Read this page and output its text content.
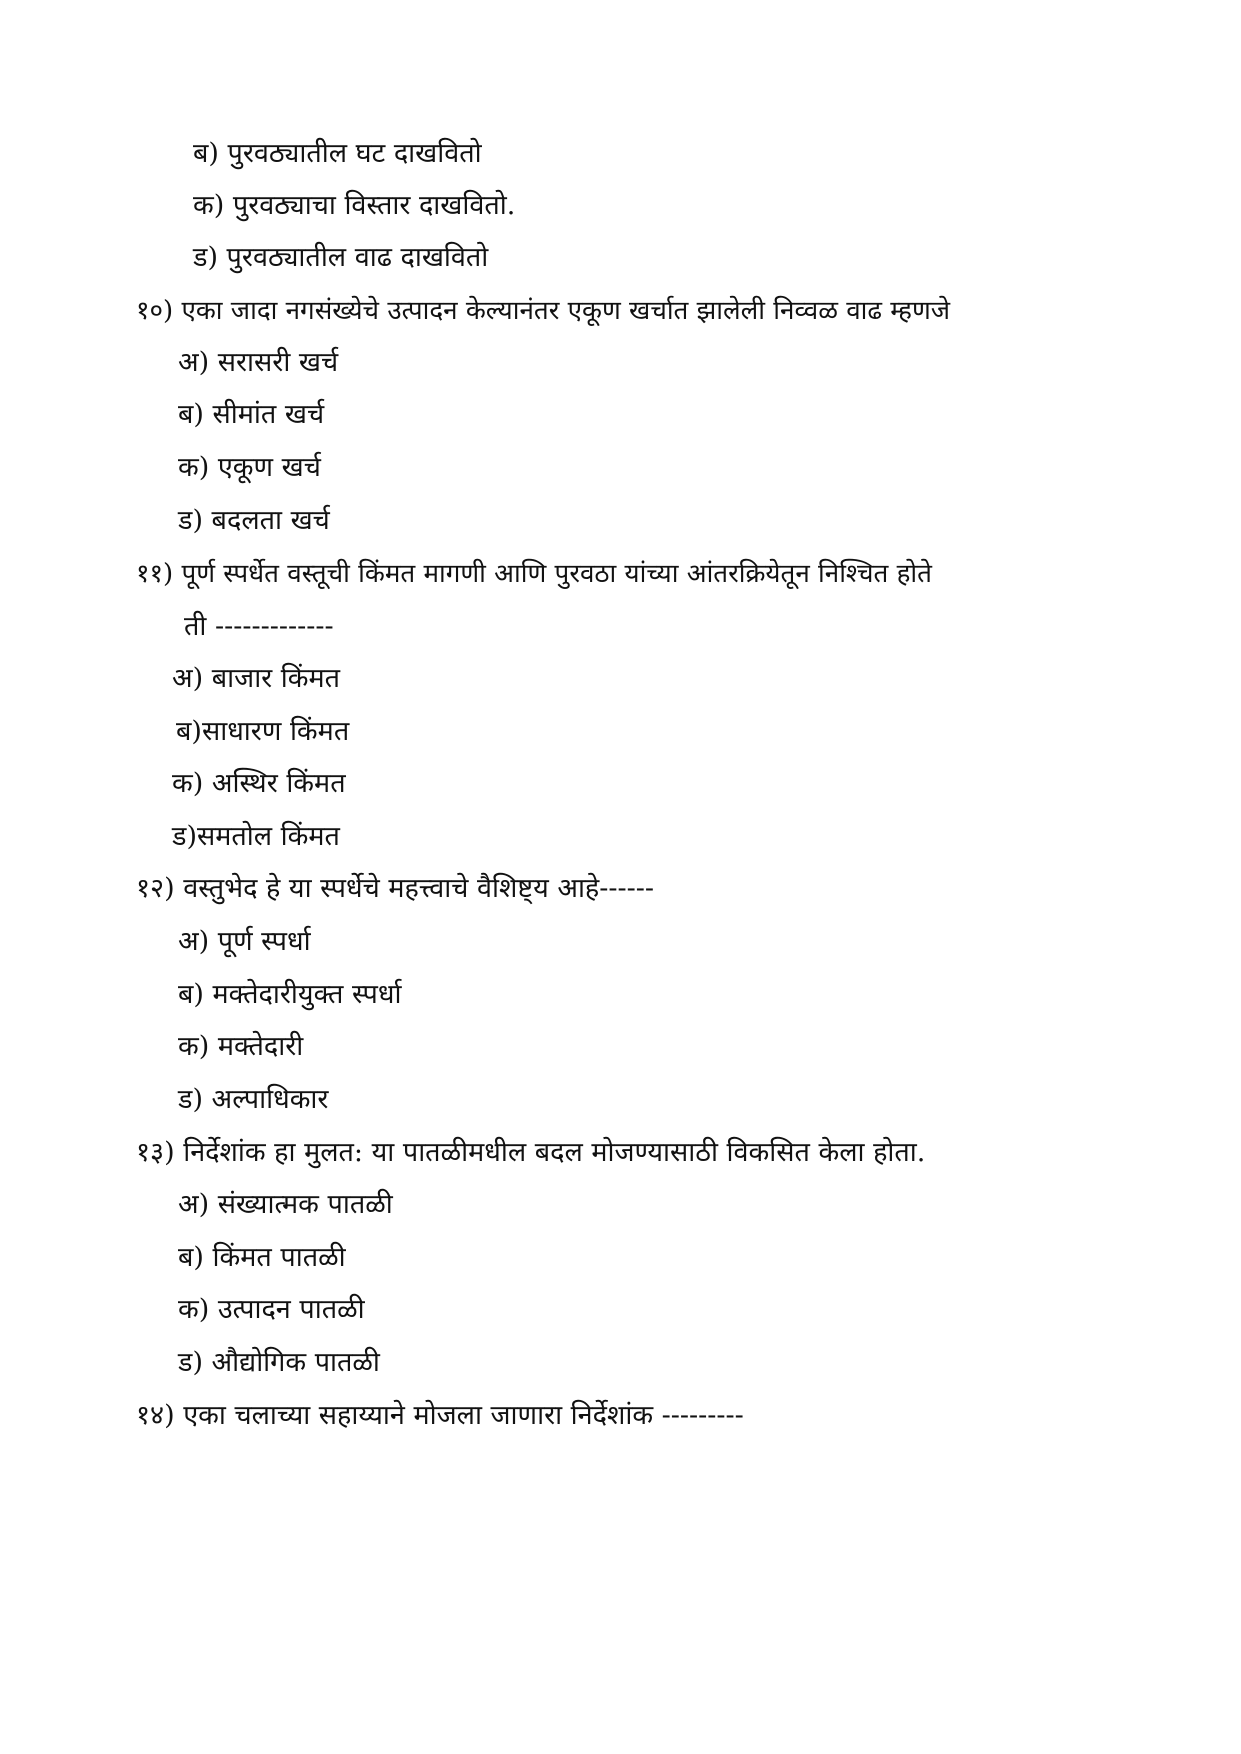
ब) पुरवठ्यातील घट दाखवितो
क) पुरवठ्याचा विस्तार दाखवितो.
ड) पुरवठ्यातील वाढ दाखवितो
१०) एका जादा नगसंख्येचे उत्पादन केल्यानंतर एकूण खर्चात झालेली निव्वळ वाढ म्हणजे
अ) सरासरी खर्च
ब) सीमांत खर्च
क) एकूण खर्च
ड) बदलता खर्च
११) पूर्ण स्पर्धेत वस्तूची किंमत मागणी आणि पुरवठा यांच्या आंतरक्रियेतून निश्चित होते
ती -------------
अ) बाजार किंमत
ब)साधारण किंमत
क) अस्थिर किंमत
ड)समतोल किंमत
१२) वस्तुभेद हे या स्पर्धेचे महत्त्वाचे वैशिष्ट्य आहे------
अ) पूर्ण स्पर्धा
ब) मक्तेदारीयुक्त स्पर्धा
क) मक्तेदारी
ड) अल्पाधिकार
१३) निर्देशांक हा मुलत: या पातळीमधील बदल मोजण्यासाठी विकसित केला होता.
अ) संख्यात्मक पातळी
ब) किंमत पातळी
क) उत्पादन पातळी
ड) औद्योगिक पातळी
१४) एका चलाच्या सहाय्याने मोजला जाणारा निर्देशांक ---------
